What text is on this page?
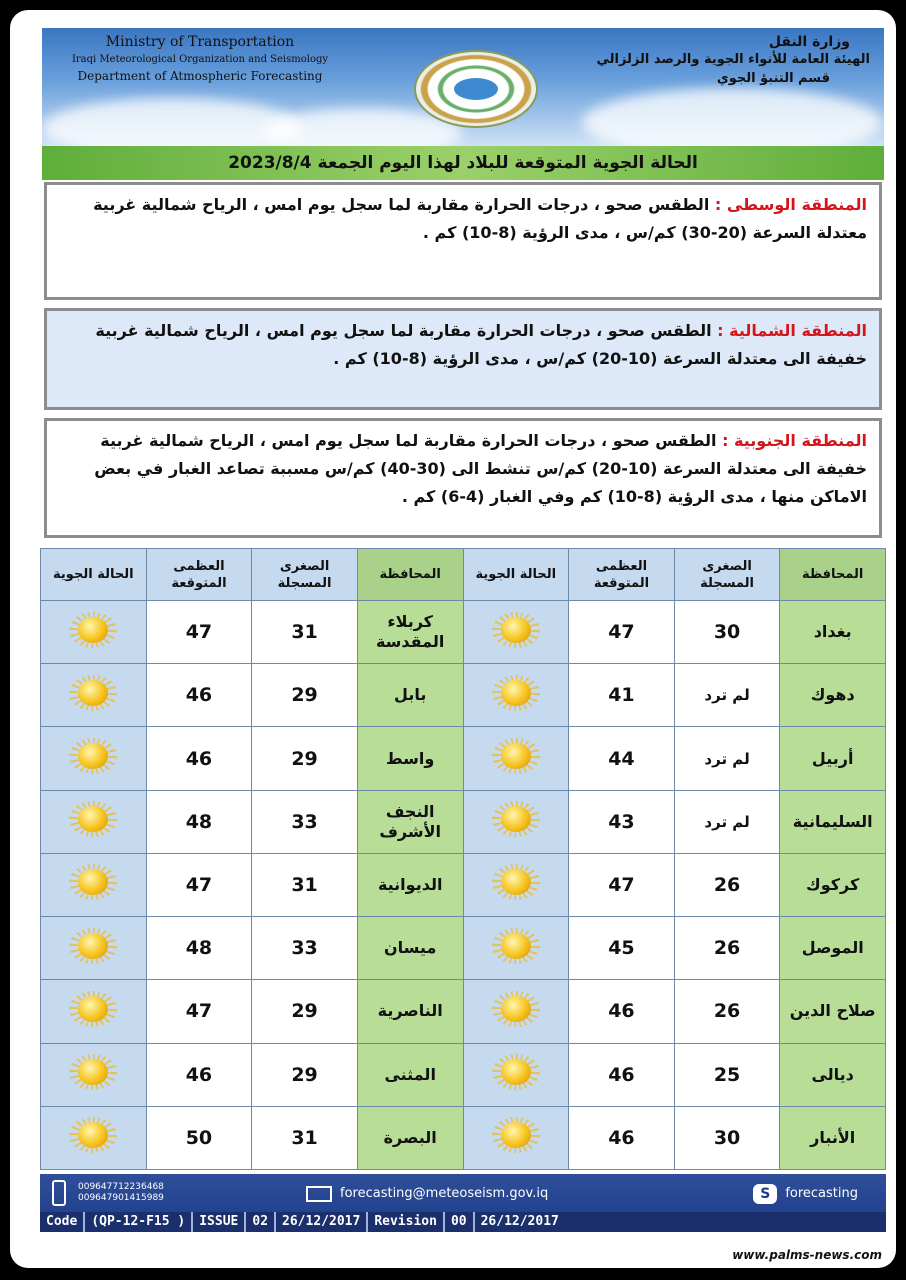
Ministry of Transportation
Iraqi Meteorological Organization and Seismology
Department of Atmospheric Forecasting
وزارة النقل
الهيئة العامة للأنواء الجوية والرصد الزلزالي
قسم التنبؤ الجوي
الحالة الجوية المتوقعة للبلاد لهذا اليوم الجمعة 2023/8/4
المنطقة الوسطى : الطقس صحو ، درجات الحرارة مقاربة لما سجل يوم امس ، الرياح شمالية غربية معتدلة السرعة (20-30) كم/س ، مدى الرؤية (8-10) كم .
المنطقة الشمالية : الطقس صحو ، درجات الحرارة مقاربة لما سجل يوم امس ، الرياح شمالية غربية خفيفة الى معتدلة السرعة (10-20) كم/س ، مدى الرؤية (8-10) كم .
المنطقة الجنوبية : الطقس صحو ، درجات الحرارة مقاربة لما سجل يوم امس ، الرياح شمالية غربية خفيفة الى معتدلة السرعة (10-20) كم/س تنشط الى (30-40) كم/س مسببة تصاعد الغبار في بعض الاماكن منها ، مدى الرؤية (8-10) كم وفي الغبار (4-6) كم .
المحافظة	الصغرى المسجلة	العظمى المتوقعة	الحالة الجوية	المحافظة	الصغرى المسجلة	العظمى المتوقعة	الحالة الجوية
بغداد	30	47		كربلاء المقدسة	31	47	

دهوك	لم ترد	41		بابل	29	46	

أربيل	لم ترد	44		واسط	29	46	

السليمانية	لم ترد	43		النجف الأشرف	33	48	

كركوك	26	47		الديوانية	31	47	

الموصل	26	45		ميسان	33	48	

صلاح الدين	26	46		الناصرية	29	47	

ديالى	25	46		المثنى	29	46	

الأنبار	30	46		البصرة	31	50	
009647712236468
009647901415989	forecasting@meteoseism.gov.iq	S	forecasting
Code	(QP-12-F15 )	ISSUE	02	26/12/2017	Revision	00	26/12/2017
www.palms-news.com
